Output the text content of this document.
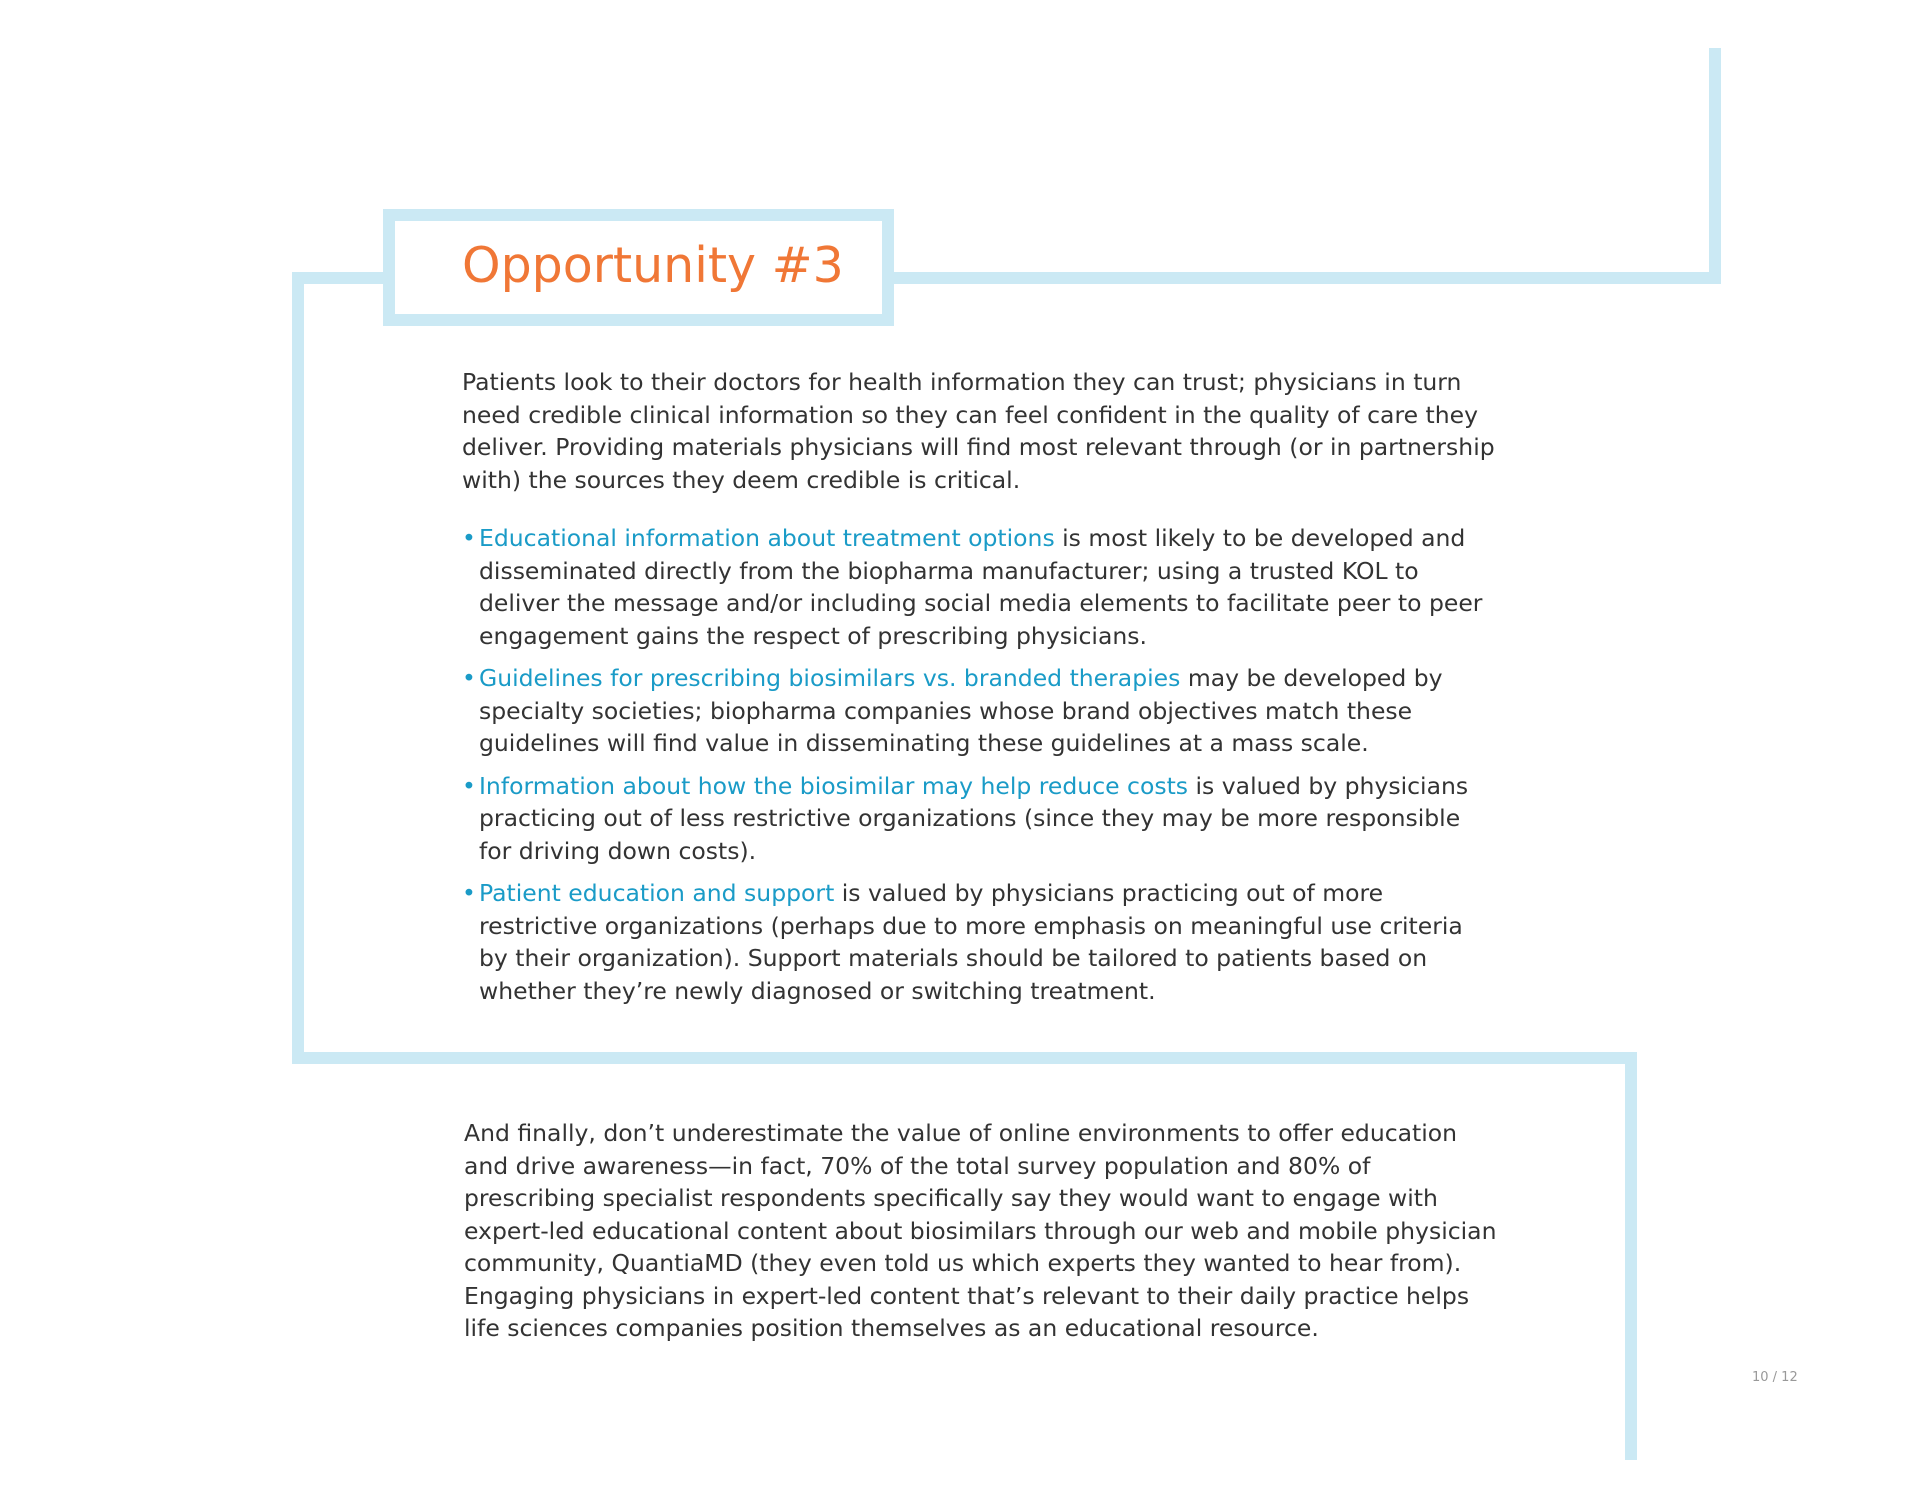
Opportunity #3

Patients look to their doctors for health information they can trust; physicians in turn need credible clinical information so they can feel confident in the quality of care they deliver. Providing materials physicians will find most relevant through (or in partnership with) the sources they deem credible is critical.

• Educational information about treatment options is most likely to be developed and disseminated directly from the biopharma manufacturer; using a trusted KOL to deliver the message and/or including social media elements to facilitate peer to peer engagement gains the respect of prescribing physicians.
• Guidelines for prescribing biosimilars vs. branded therapies may be developed by specialty societies; biopharma companies whose brand objectives match these guidelines will find value in disseminating these guidelines at a mass scale.
• Information about how the biosimilar may help reduce costs is valued by physicians practicing out of less restrictive organizations (since they may be more responsible for driving down costs).
• Patient education and support is valued by physicians practicing out of more restrictive organizations (perhaps due to more emphasis on meaningful use criteria by their organization). Support materials should be tailored to patients based on whether they’re newly diagnosed or switching treatment.

And finally, don’t underestimate the value of online environments to offer education and drive awareness—in fact, 70% of the total survey population and 80% of prescribing specialist respondents specifically say they would want to engage with expert-led educational content about biosimilars through our web and mobile physician community, QuantiaMD (they even told us which experts they wanted to hear from). Engaging physicians in expert-led content that’s relevant to their daily practice helps life sciences companies position themselves as an educational resource.

10 / 12
